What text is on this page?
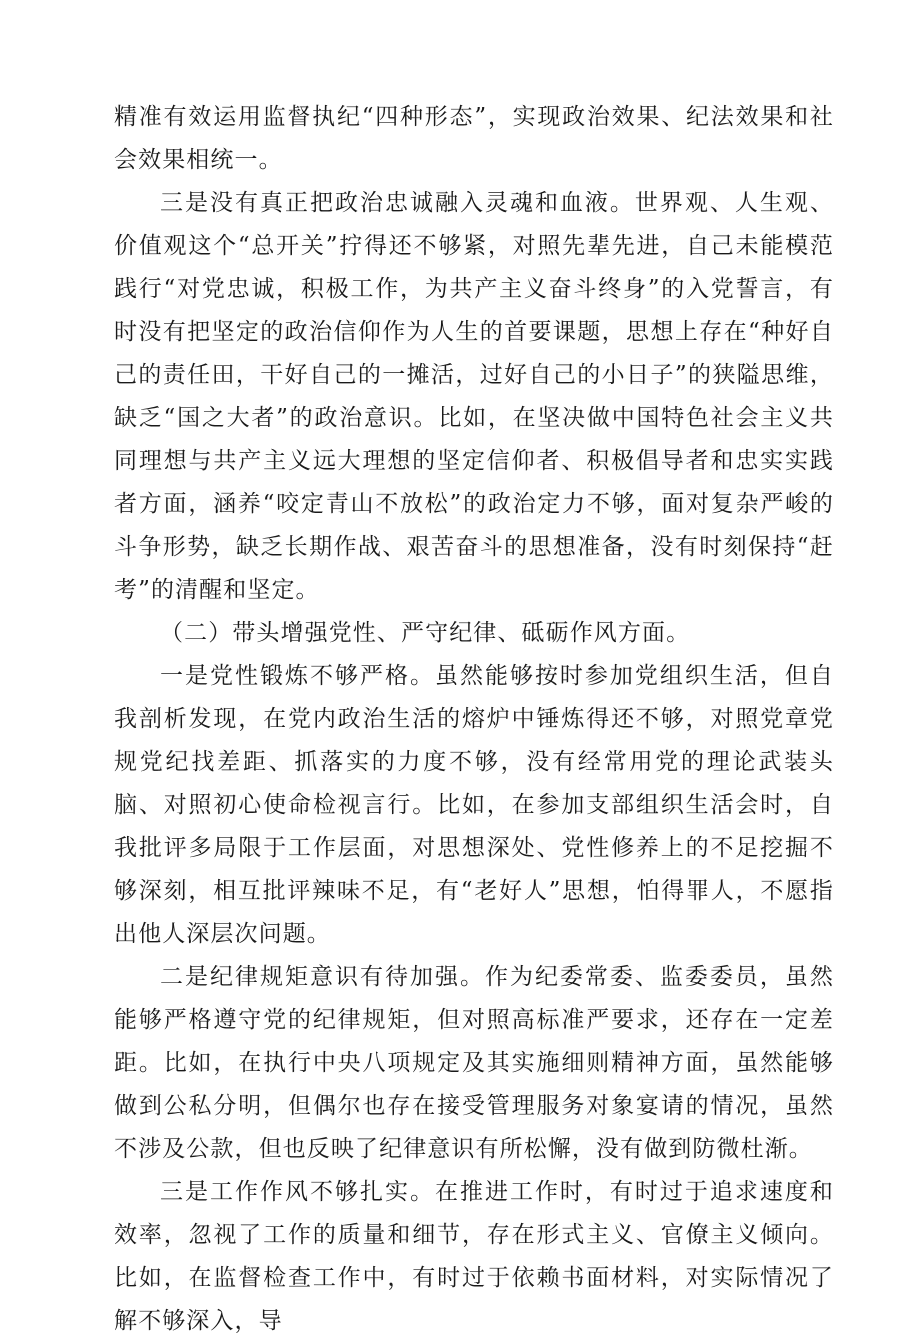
精准有效运用监督执纪“四种形态”，实现政治效果、纪法效果和社会效果相统一。

三是没有真正把政治忠诚融入灵魂和血液。世界观、人生观、价值观这个“总开关”拧得还不够紧，对照先辈先进，自己未能模范践行“对党忠诚，积极工作，为共产主义奋斗终身”的入党誓言，有时没有把坚定的政治信仰作为人生的首要课题，思想上存在“种好自己的责任田，干好自己的一摊活，过好自己的小日子”的狭隘思维，缺乏“国之大者”的政治意识。比如，在坚决做中国特色社会主义共同理想与共产主义远大理想的坚定信仰者、积极倡导者和忠实实践者方面，涵养“咬定青山不放松”的政治定力不够，面对复杂严峻的斗争形势，缺乏长期作战、艰苦奋斗的思想准备，没有时刻保持“赶考”的清醒和坚定。

（二）带头增强党性、严守纪律、砥砺作风方面。

一是党性锻炼不够严格。虽然能够按时参加党组织生活，但自我剖析发现，在党内政治生活的熔炉中锤炼得还不够，对照党章党规党纪找差距、抓落实的力度不够，没有经常用党的理论武装头脑、对照初心使命检视言行。比如，在参加支部组织生活会时，自我批评多局限于工作层面，对思想深处、党性修养上的不足挖掘不够深刻，相互批评辣味不足，有“老好人”思想，怕得罪人，不愿指出他人深层次问题。

二是纪律规矩意识有待加强。作为纪委常委、监委委员，虽然能够严格遵守党的纪律规矩，但对照高标准严要求，还存在一定差距。比如，在执行中央八项规定及其实施细则精神方面，虽然能够做到公私分明，但偶尔也存在接受管理服务对象宴请的情况，虽然不涉及公款，但也反映了纪律意识有所松懈，没有做到防微杜渐。

三是工作作风不够扎实。在推进工作时，有时过于追求速度和效率，忽视了工作的质量和细节，存在形式主义、官僚主义倾向。比如，在监督检查工作中，有时过于依赖书面材料，对实际情况了解不够深入，导
